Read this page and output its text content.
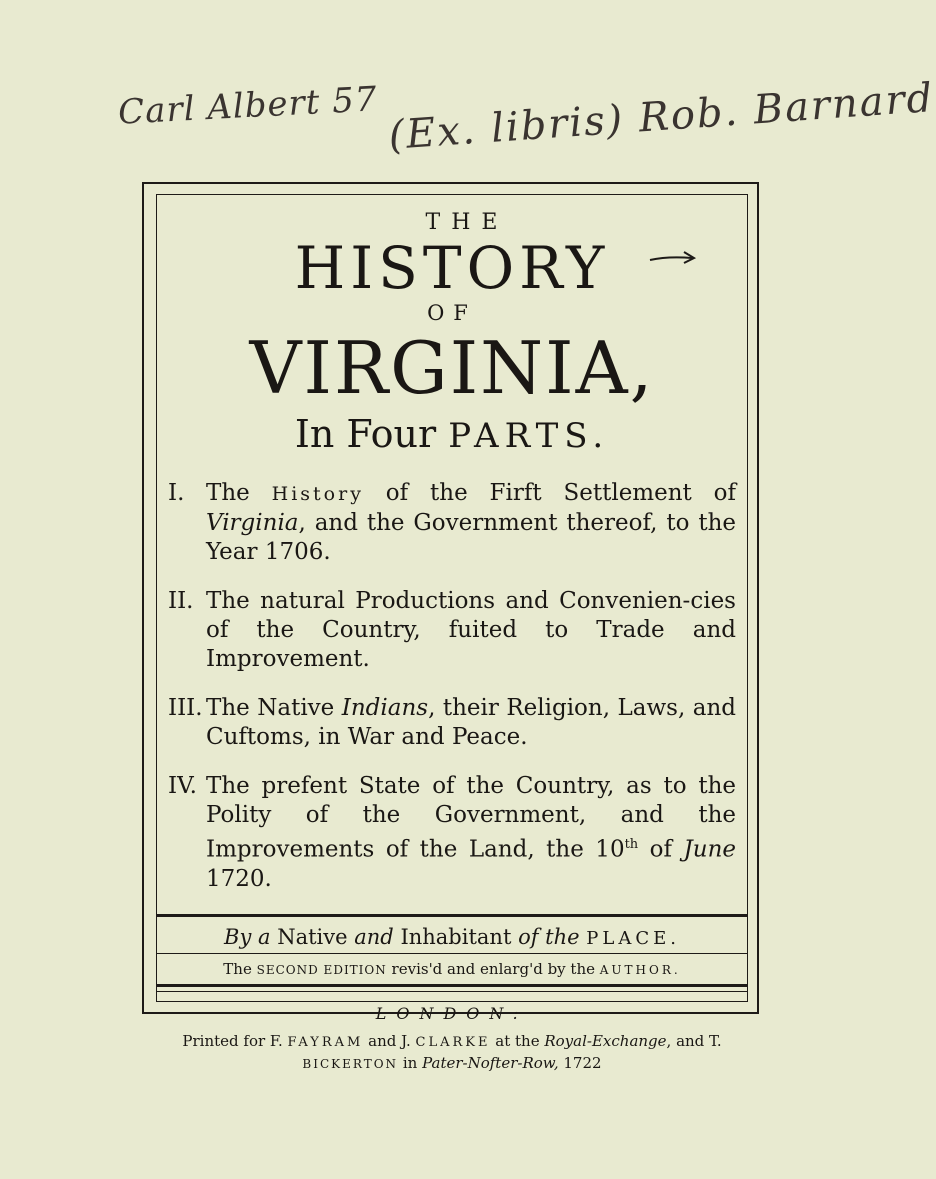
Carl Albert 57 (Ex. libris) Rob. Barnard
THE
HISTORY
OF
VIRGINIA,
In Four PARTS.
I. The History of the Firft Settlement of Virginia, and the Government thereof, to the Year 1706.
II. The natural Productions and Convenien-cies of the Country, fuited to Trade and Improvement.
III. The Native Indians, their Religion, Laws, and Cuftoms, in War and Peace.
IV. The prefent State of the Country, as to the Polity of the Government, and the Improvements of the Land, the 10th of June 1720.
By a Native and Inhabitant of the PLACE.
The SECOND EDITION revis'd and enlarg'd by the AUTHOR.
LONDON:
Printed for F. FAYRAM and J. CLARKE at the Royal-Exchange, and T. BICKERTON in Pater-Nofter-Row, 1722
